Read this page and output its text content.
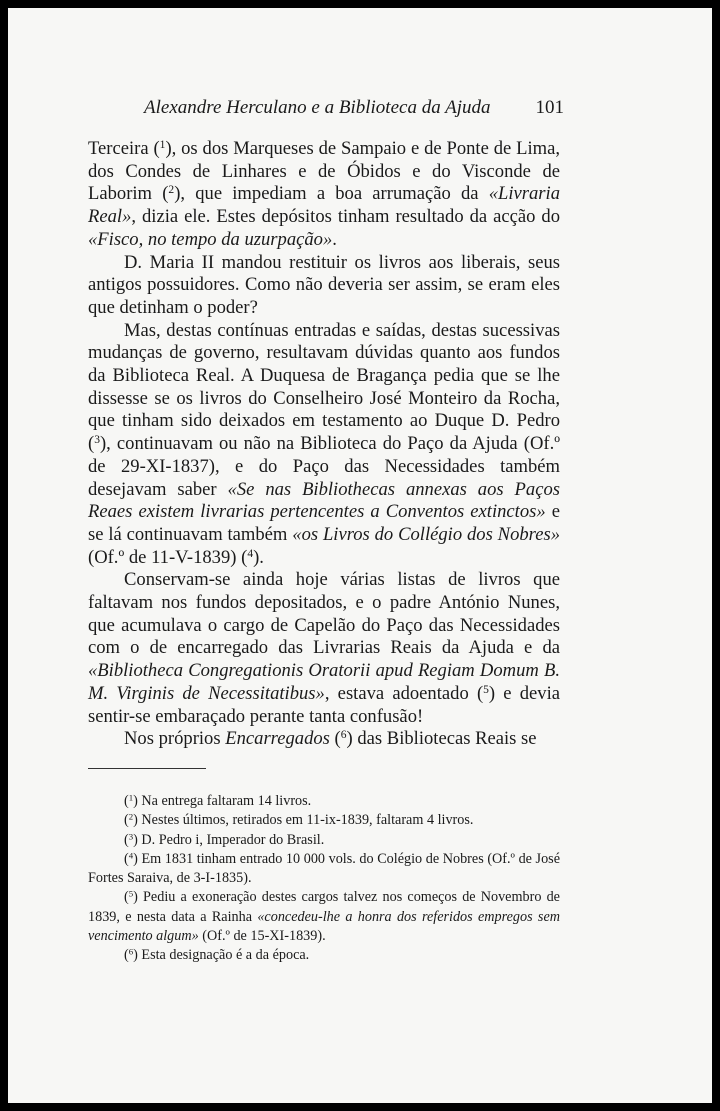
Alexandre Herculano e a Biblioteca da Ajuda 101

Terceira ($^1$), os dos Marqueses de Sampaio e de Ponte de Lima, dos Condes de Linhares e de Óbidos e do Visconde de Laborim ($^2$), que impediam a boa arrumação da «Livraria Real», dizia ele. Estes depósitos tinham resultado da acção do «Fisco, no tempo da uzurpação».

D. Maria II mandou restituir os livros aos liberais, seus antigos possuidores. Como não deveria ser assim, se eram eles que detinham o poder?

Mas, destas contínuas entradas e saídas, destas sucessivas mudanças de governo, resultavam dúvidas quanto aos fundos da Biblioteca Real. A Duquesa de Bragança pedia que se lhe dissesse se os livros do Conselheiro José Monteiro da Rocha, que tinham sido deixados em testamento ao Duque D. Pedro ($^3$), continuavam ou não na Biblioteca do Paço da Ajuda (Of.º de 29-XI-1837), e do Paço das Necessidades também desejavam saber «Se nas Bibliothecas annexas aos Paços Reaes existem livrarias pertencentes a Conventos extinctos» e se lá continuavam também «os Livros do Collégio dos Nobres» (Of.º de 11-V-1839) ($^4$).

Conservam-se ainda hoje várias listas de livros que faltavam nos fundos depositados, e o padre António Nunes, que acumulava o cargo de Capelão do Paço das Necessidades com o de encarregado das Livrarias Reais da Ajuda e da «Bibliotheca Congregationis Oratorii apud Regiam Domum B. M. Virginis de Necessitatibus», estava adoentado ($^5$) e devia sentir-se embaraçado perante tanta confusão!

Nos próprios Encarregados ($^6$) das Bibliotecas Reais se

($^1$) Na entrega faltaram 14 livros.

($^2$) Nestes últimos, retirados em 11-ix-1839, faltaram 4 livros.

($^3$) D. Pedro i, Imperador do Brasil.

($^4$) Em 1831 tinham entrado 10 000 vols. do Colégio de Nobres (Of.º de José Fortes Saraiva, de 3-I-1835).

($^5$) Pediu a exoneração destes cargos talvez nos começos de Novembro de 1839, e nesta data a Rainha «concedeu-lhe a honra dos referidos empregos sem vencimento algum» (Of.º de 15-XI-1839).

($^6$) Esta designação é a da época.
